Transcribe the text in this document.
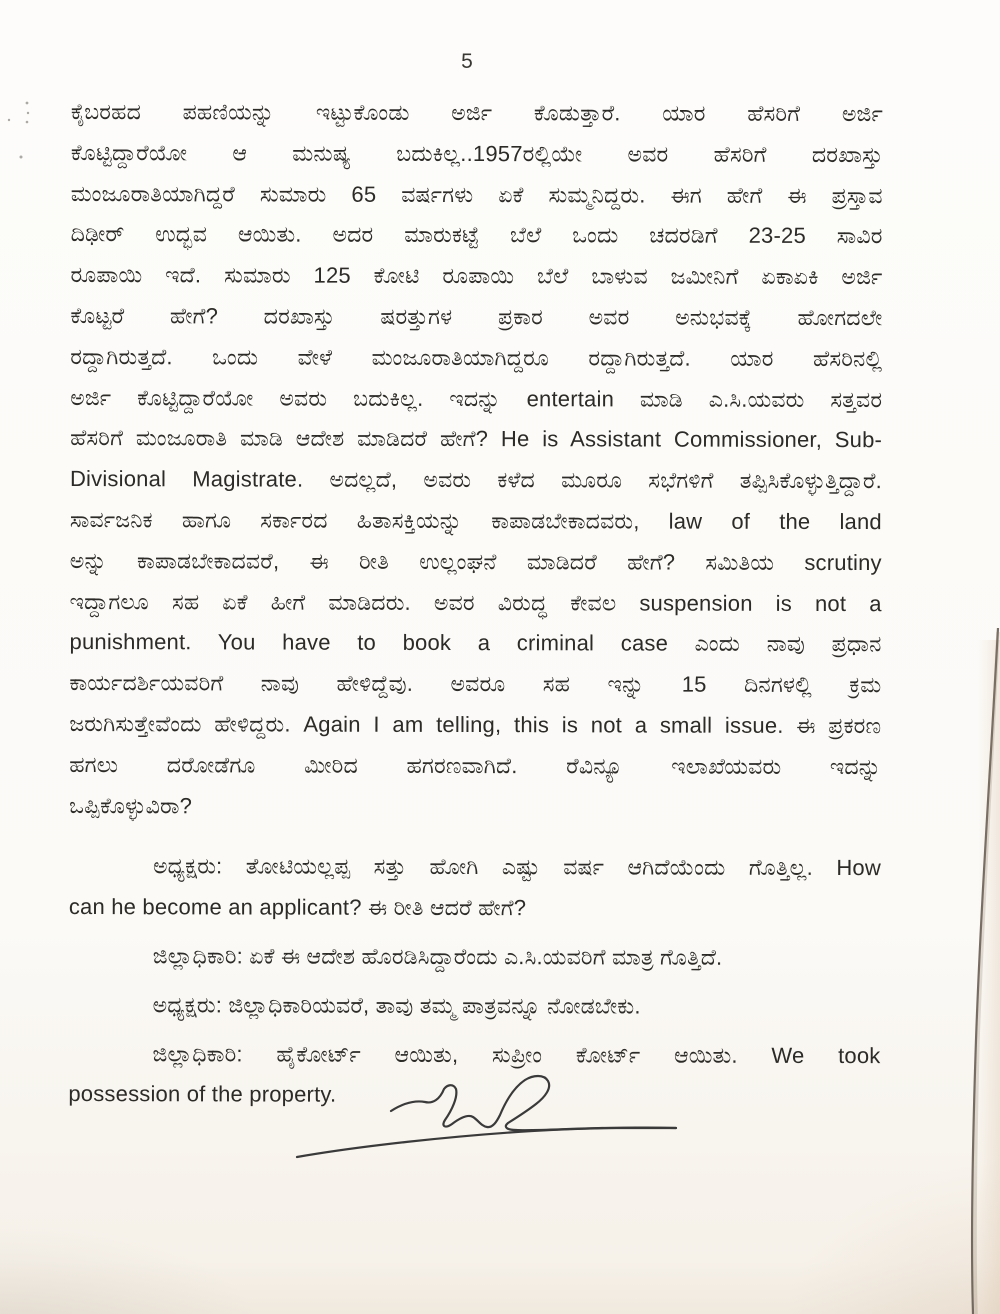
5
ಕೈಬರಹದ ಪಹಣಿಯನ್ನು ಇಟ್ಟುಕೊಂಡು ಅರ್ಜಿ ಕೊಡುತ್ತಾರೆ. ಯಾರ ಹೆಸರಿಗೆ ಅರ್ಜಿ
ಕೊಟ್ಟಿದ್ದಾರೆಯೋ ಆ ಮನುಷ್ಯ ಬದುಕಿಲ್ಲ..1957ರಲ್ಲಿಯೇ ಅವರ ಹೆಸರಿಗೆ ದರಖಾಸ್ತು
ಮಂಜೂರಾತಿಯಾಗಿದ್ದರೆ ಸುಮಾರು 65 ವರ್ಷಗಳು ಏಕೆ ಸುಮ್ಮನಿದ್ದರು. ಈಗ ಹೇಗೆ ಈ ಪ್ರಸ್ತಾವ
ದಿಢೀರ್ ಉದ್ಭವ ಆಯಿತು. ಅದರ ಮಾರುಕಟ್ಟೆ ಬೆಲೆ ಒಂದು ಚದರಡಿಗೆ 23-25 ಸಾವಿರ
ರೂಪಾಯಿ ಇದೆ. ಸುಮಾರು 125 ಕೋಟಿ ರೂಪಾಯಿ ಬೆಲೆ ಬಾಳುವ ಜಮೀನಿಗೆ ಏಕಾಏಕಿ ಅರ್ಜಿ
ಕೊಟ್ಟರೆ ಹೇಗೆ? ದರಖಾಸ್ತು ಷರತ್ತುಗಳ ಪ್ರಕಾರ ಅವರ ಅನುಭವಕ್ಕೆ ಹೋಗದಲೇ
ರದ್ದಾಗಿರುತ್ತದೆ. ಒಂದು ವೇಳೆ ಮಂಜೂರಾತಿಯಾಗಿದ್ದರೂ ರದ್ದಾಗಿರುತ್ತದೆ. ಯಾರ ಹೆಸರಿನಲ್ಲಿ
ಅರ್ಜಿ ಕೊಟ್ಟಿದ್ದಾರೆಯೋ ಅವರು ಬದುಕಿಲ್ಲ. ಇದನ್ನು entertain ಮಾಡಿ ಎ.ಸಿ.ಯವರು ಸತ್ತವರ
ಹೆಸರಿಗೆ ಮಂಜೂರಾತಿ ಮಾಡಿ ಆದೇಶ ಮಾಡಿದರೆ ಹೇಗೆ? He is Assistant Commissioner, Sub-
Divisional Magistrate. ಅದಲ್ಲದೆ, ಅವರು ಕಳೆದ ಮೂರೂ ಸಭೆಗಳಿಗೆ ತಪ್ಪಿಸಿಕೊಳ್ಳುತ್ತಿದ್ದಾರೆ.
ಸಾರ್ವಜನಿಕ ಹಾಗೂ ಸರ್ಕಾರದ ಹಿತಾಸಕ್ತಿಯನ್ನು ಕಾಪಾಡಬೇಕಾದವರು, law of the land
ಅನ್ನು ಕಾಪಾಡಬೇಕಾದವರೆ, ಈ ರೀತಿ ಉಲ್ಲಂಘನೆ ಮಾಡಿದರೆ ಹೇಗೆ? ಸಮಿತಿಯ scrutiny
ಇದ್ದಾಗಲೂ ಸಹ ಏಕೆ ಹೀಗೆ ಮಾಡಿದರು. ಅವರ ವಿರುದ್ಧ ಕೇವಲ suspension is not a
punishment. You have to book a criminal case ಎಂದು ನಾವು ಪ್ರಧಾನ
ಕಾರ್ಯದರ್ಶಿಯವರಿಗೆ ನಾವು ಹೇಳಿದ್ದೆವು. ಅವರೂ ಸಹ ಇನ್ನು 15 ದಿನಗಳಲ್ಲಿ ಕ್ರಮ
ಜರುಗಿಸುತ್ತೇವೆಂದು ಹೇಳಿದ್ದರು. Again I am telling, this is not a small issue. ಈ ಪ್ರಕರಣ
ಹಗಲು ದರೋಡೆಗೂ ಮೀರಿದ ಹಗರಣವಾಗಿದೆ. ರೆವಿನ್ಯೂ ಇಲಾಖೆಯವರು ಇದನ್ನು
ಒಪ್ಪಿಕೊಳ್ಳುವಿರಾ?
ಅಧ್ಯಕ್ಷರು: ತೋಟಿಯಲ್ಲಪ್ಪ ಸತ್ತು ಹೋಗಿ ಎಷ್ಟು ವರ್ಷ ಆಗಿದೆಯೆಂದು ಗೊತ್ತಿಲ್ಲ. How
can he become an applicant? ಈ ರೀತಿ ಆದರೆ ಹೇಗೆ?
ಜಿಲ್ಲಾಧಿಕಾರಿ: ಏಕೆ ಈ ಆದೇಶ ಹೊರಡಿಸಿದ್ದಾರೆಂದು ಎ.ಸಿ.ಯವರಿಗೆ ಮಾತ್ರ ಗೊತ್ತಿದೆ.
ಅಧ್ಯಕ್ಷರು: ಜಿಲ್ಲಾಧಿಕಾರಿಯವರೆ, ತಾವು ತಮ್ಮ ಪಾತ್ರವನ್ನೂ ನೋಡಬೇಕು.
ಜಿಲ್ಲಾಧಿಕಾರಿ: ಹೈಕೋರ್ಟ್ ಆಯಿತು, ಸುಪ್ರೀಂ ಕೋರ್ಟ್ ಆಯಿತು. We took
possession of the property.
